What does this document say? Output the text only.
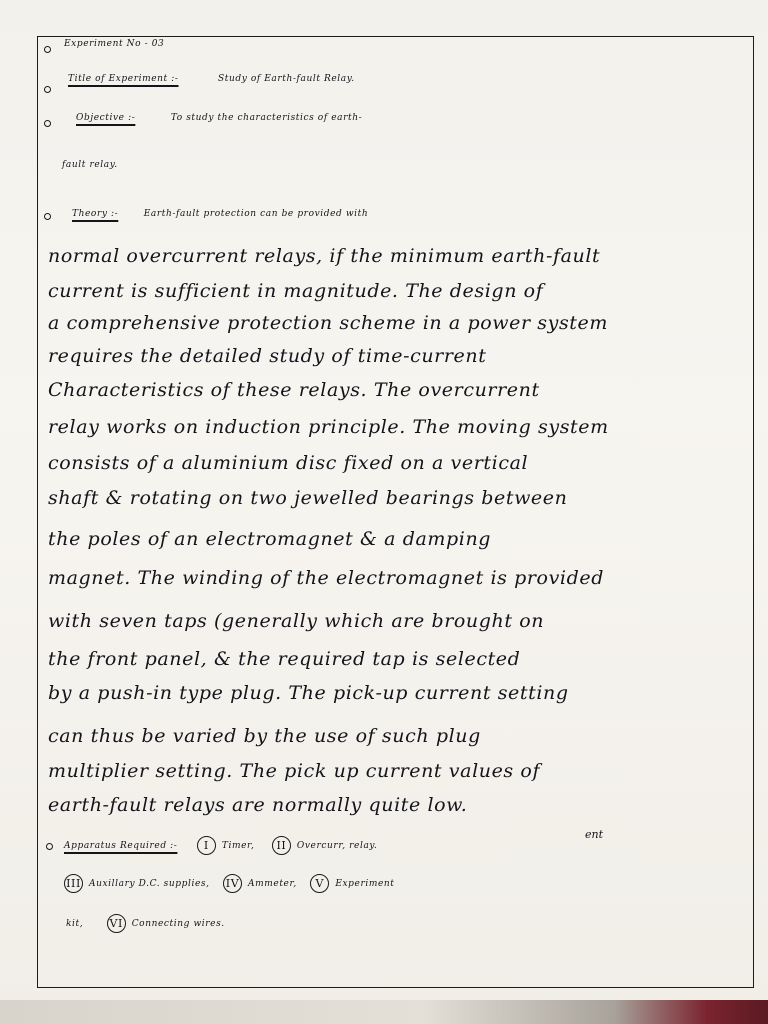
Experiment No - 03
Title of Experiment :-	Study of Earth-fault Relay.
Objective :-	To study the characteristics of earth-
fault relay.
Theory :-	Earth-fault protection can be provided with
normal overcurrent relays, if the minimum earth-fault
current is sufficient in magnitude. The design of
a comprehensive protection scheme in a power system
requires the detailed study of time-current
Characteristics of these relays. The overcurrent
relay works on induction principle. The moving system
consists of a aluminium disc fixed on a vertical
shaft & rotating on two jewelled bearings between
the poles of an electromagnet & a damping
magnet. The winding of the electromagnet is provided
with seven taps (generally which are brought on
the front panel, & the required tap is selected
by a push-in type plug. The pick-up current setting
can thus be varied by the use of such plug
multiplier setting. The pick up current values of
earth-fault relays are normally quite low.
ent
Apparatus Required :- I Timer, II Overcurr, relay.
III Auxillary D.C. supplies, IV Ammeter, V Experiment
kit, VI Connecting wires.
